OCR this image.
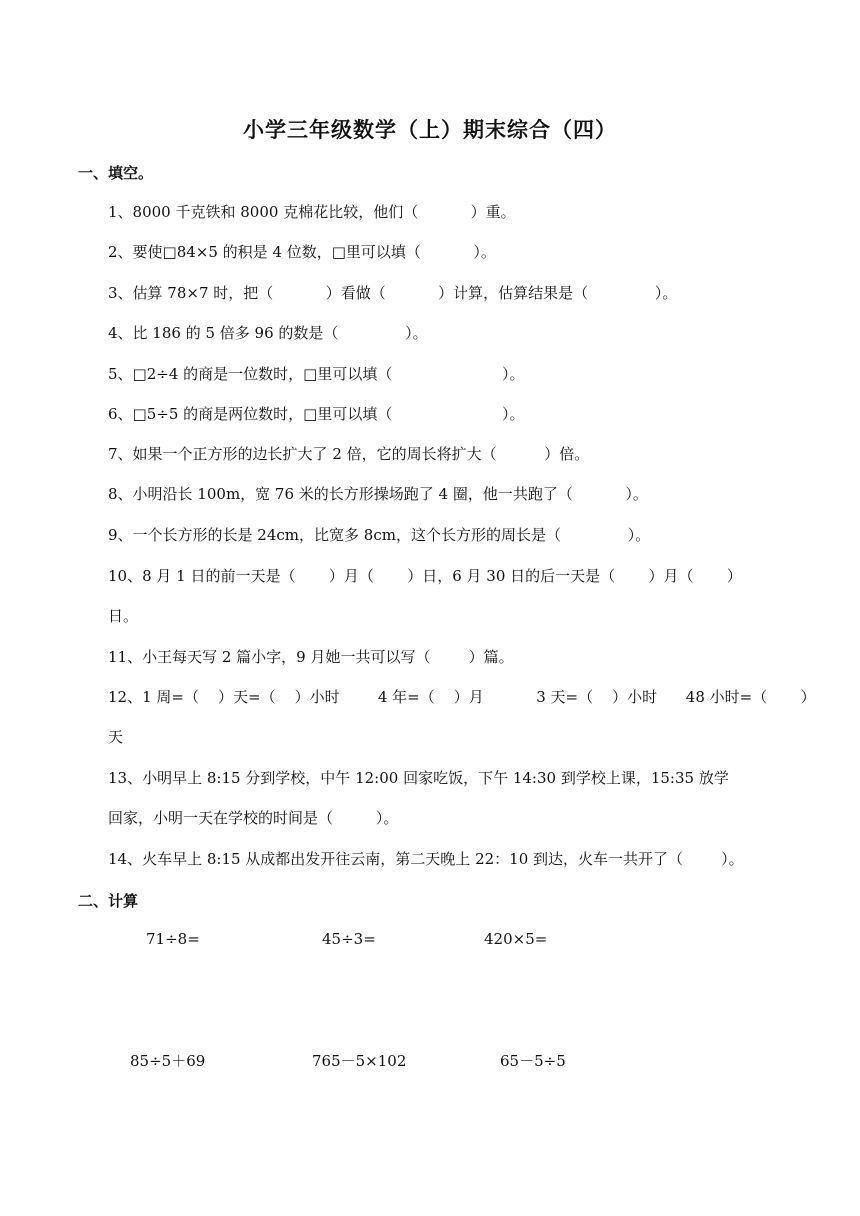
小学三年级数学（上）期末综合（四）
一、填空。
1、8000 千克铁和 8000 克棉花比较，他们（           ）重。
2、要使□84×5 的积是 4 位数，□里可以填（           ）。
3、估算 78×7 时，把（           ）看做（           ）计算，估算结果是（              ）。
4、比 186 的 5 倍多 96 的数是（              ）。
5、□2÷4 的商是一位数时，□里可以填（                       ）。
6、□5÷5 的商是两位数时，□里可以填（                       ）。
7、如果一个正方形的边长扩大了 2 倍，它的周长将扩大（          ）倍。
8、小明沿长 100m，宽 76 米的长方形操场跑了 4 圈，他一共跑了（           ）。
9、一个长方形的长是 24cm，比宽多 8cm，这个长方形的周长是（              ）。
10、8 月 1 日的前一天是（       ）月（       ）日，6 月 30 日的后一天是（       ）月（       ）
日。
11、小王每天写 2 篇小字，9 月她一共可以写（        ）篇。
12、1 周=（    ）天=（    ）小时        4 年=（    ）月           3 天=（    ）小时      48 小时=（       ）
天
13、小明早上 8:15 分到学校，中午 12:00 回家吃饭，下午 14:30 到学校上课，15:35 放学
回家，小明一天在学校的时间是（         ）。
14、火车早上 8:15 从成都出发开往云南，第二天晚上 22：10 到达，火车一共开了（        ）。
二、计算
71÷8=	45÷3=	420×5=
85÷5＋69	765－5×102	65－5÷5
